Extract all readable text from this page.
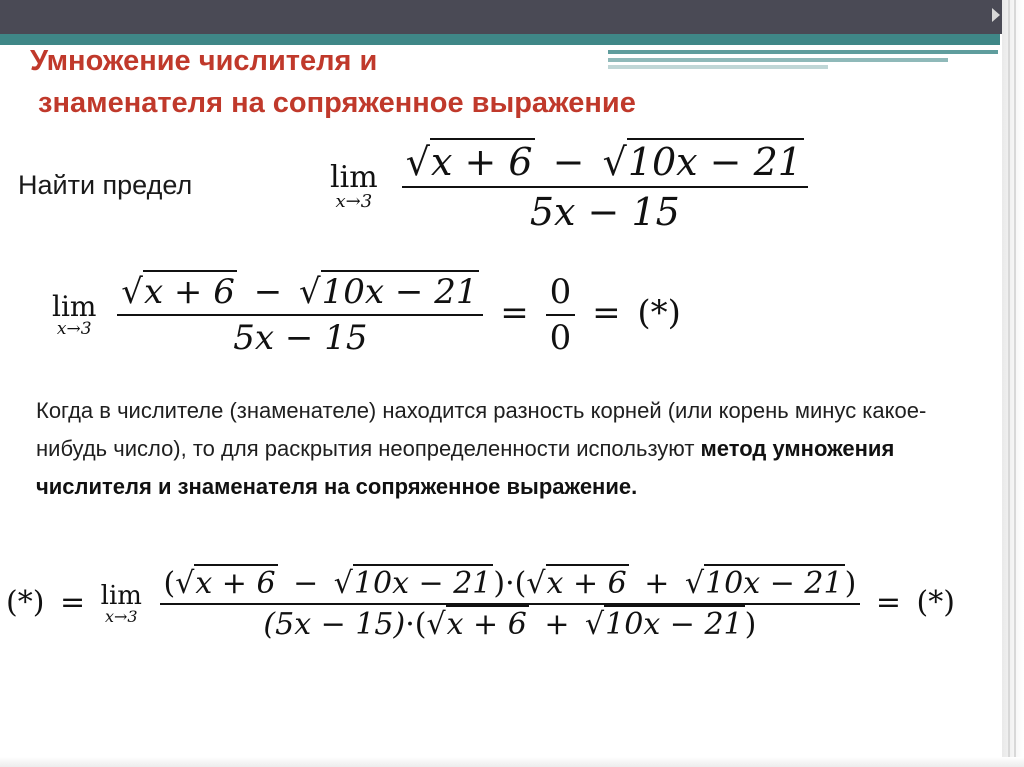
Умножение числителя и
знаменателя на сопряженное выражение
Найти предел	lim
x→3
$\frac{√x + 6 - √10x - 21}{5x - 15}$
lim
x→3
$\frac{√x + 6 - √10x - 21}{5x - 15} = \frac{0}{0}$ = (*)
Когда в числителе (знаменателе) находится разность корней (или корень минус какое-нибудь число), то для раскрытия неопределенности используют метод умножения числителя и знаменателя на сопряженное выражение.
(*) = lim
x→3

(√x + 6 − √10x − 21)·(√x + 6 + √10x − 21)
(5x − 15)·(√x + 6 + √10x − 21)
= (*)
